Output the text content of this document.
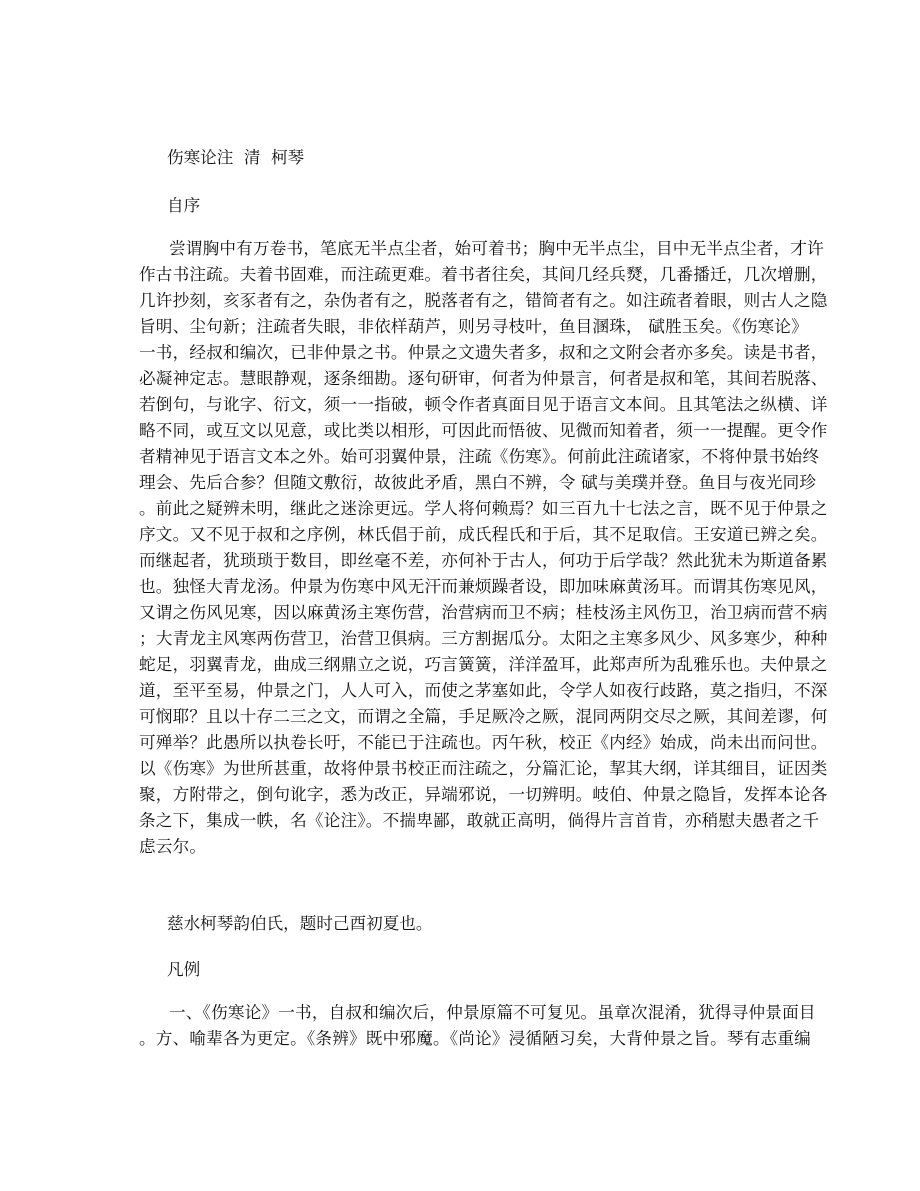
伤寒论注  清  柯琴
自序
尝谓胸中有万卷书，笔底无半点尘者，始可着书；胸中无半点尘，目中无半点尘者，才许
作古书注疏。夫着书固难，而注疏更难。着书者往矣，其间几经兵燹，几番播迁，几次增删，
几许抄刻，亥豕者有之，杂伪者有之，脱落者有之，错简者有之。如注疏者着眼，则古人之隐
旨明、尘句新；注疏者失眼，非依样葫芦，则另寻枝叶，鱼目溷珠， 碔胜玉矣。《伤寒论》
一书，经叔和编次，已非仲景之书。仲景之文遗失者多，叔和之文附会者亦多矣。读是书者，
必凝神定志。慧眼静观，逐条细勘。逐句研审，何者为仲景言，何者是叔和笔，其间若脱落、
若倒句，与讹字、衍文，须一一指破，顿令作者真面目见于语言文本间。且其笔法之纵横、详
略不同，或互文以见意，或比类以相形，可因此而悟彼、见微而知着者，须一一提醒。更令作
者精神见于语言文本之外。始可羽翼仲景，注疏《伤寒》。何前此注疏诸家，不将仲景书始终
理会、先后合参？但随文敷衍，故彼此矛盾，黑白不辨，令 碔与美璞并登。鱼目与夜光同珍
。前此之疑辨未明，继此之迷涂更远。学人将何赖焉？如三百九十七法之言，既不见于仲景之
序文。又不见于叔和之序例，林氏倡于前，成氏程氏和于后，其不足取信。王安道已辨之矣。
而继起者，犹琐琐于数目，即丝毫不差，亦何补于古人，何功于后学哉？然此犹未为斯道备累
也。独怪大青龙汤。仲景为伤寒中风无汗而兼烦躁者设，即加味麻黄汤耳。而谓其伤寒见风，
又谓之伤风见寒，因以麻黄汤主寒伤营，治营病而卫不病；桂枝汤主风伤卫，治卫病而营不病
；大青龙主风寒两伤营卫，治营卫俱病。三方割据瓜分。太阳之主寒多风少、风多寒少，种种
蛇足，羽翼青龙，曲成三纲鼎立之说，巧言簧簧，洋洋盈耳，此郑声所为乱雅乐也。夫仲景之
道，至平至易，仲景之门，人人可入，而使之茅塞如此，令学人如夜行歧路，莫之指归，不深
可悯耶？且以十存二三之文，而谓之全篇，手足厥冷之厥，混同两阴交尽之厥，其间差谬，何
可殚举？此愚所以执卷长吁，不能已于注疏也。丙午秋，校正《内经》始成，尚未出而问世。
以《伤寒》为世所甚重，故将仲景书校正而注疏之，分篇汇论，挈其大纲，详其细目，证因类
聚，方附带之，倒句讹字，悉为改正，异端邪说，一切辨明。岐伯、仲景之隐旨，发挥本论各
条之下，集成一帙，名《论注》。不揣卑鄙，敢就正高明，倘得片言首肯，亦稍慰夫愚者之千
虑云尔。
慈水柯琴韵伯氏，题时己酉初夏也。
凡例
一、《伤寒论》一书，自叔和编次后，仲景原篇不可复见。虽章次混淆，犹得寻仲景面目
。方、喻辈各为更定。《条辨》既中邪魔。《尚论》浸循陋习矣，大背仲景之旨。琴有志重编
